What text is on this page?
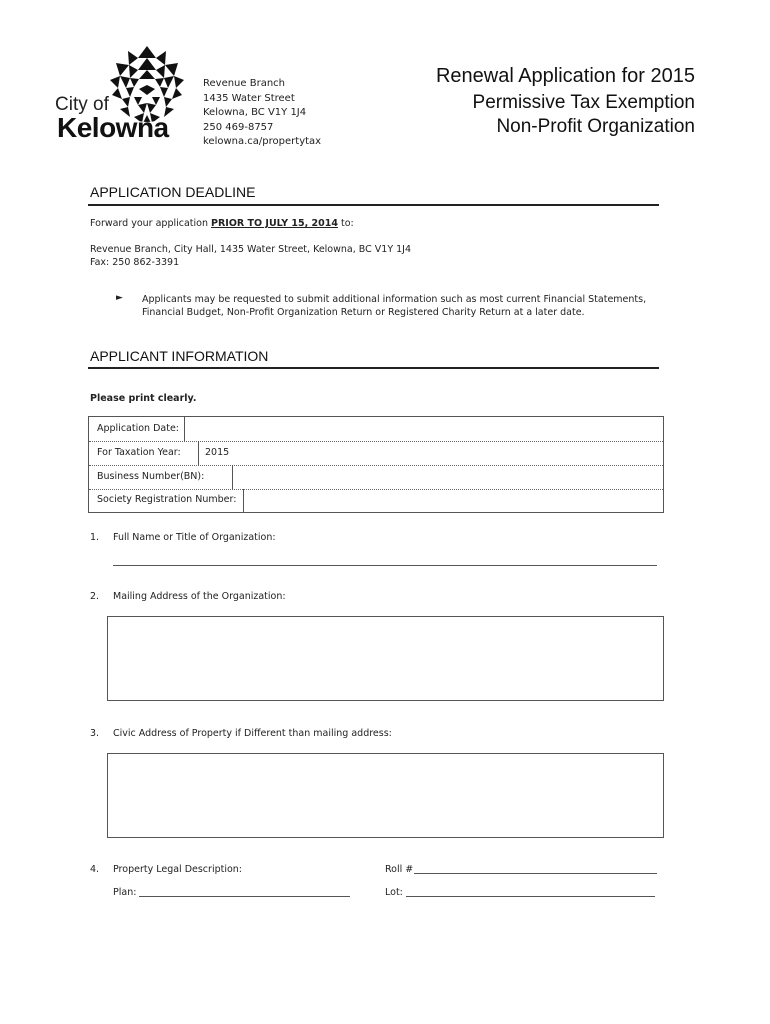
City of
Kelowna
Revenue Branch
1435 Water Street
Kelowna, BC V1Y 1J4
250 469-8757
kelowna.ca/propertytax
Renewal Application for 2015
Permissive Tax Exemption
Non-Profit Organization
APPLICATION DEADLINE
Forward your application PRIOR TO JULY 15, 2014 to:
Revenue Branch, City Hall, 1435 Water Street, Kelowna, BC V1Y 1J4
Fax: 250 862-3391
► Applicants may be requested to submit additional information such as most current Financial Statements,
Financial Budget, Non-Profit Organization Return or Registered Charity Return at a later date.
APPLICANT INFORMATION
Please print clearly.
Application Date:
For Taxation Year:	2015
Business Number(BN):
Society Registration Number:
1. Full Name or Title of Organization:
2. Mailing Address of the Organization:
3. Civic Address of Property if Different than mailing address:
4. Property Legal Description:	Roll #
Plan:	Lot:
